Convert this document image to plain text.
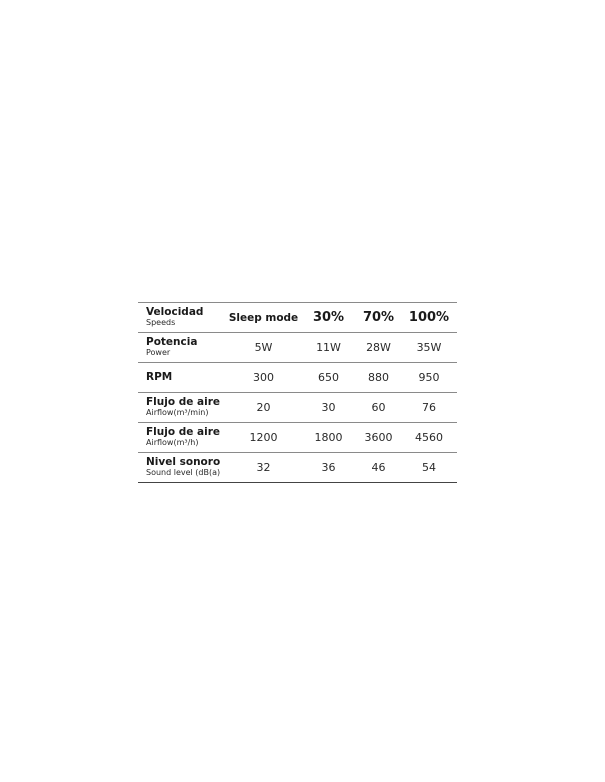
Velocidad
Speeds	Sleep mode	30%	70%	100%

Potencia
Power	5W	11W	28W	35W

RPM	300	650	880	950

Flujo de aire
Airflow(m³/min)	20	30	60	76

Flujo de aire
Airflow(m³/h)	1200	1800	3600	4560

Nivel sonoro
Sound level (dB(a)	32	36	46	54
